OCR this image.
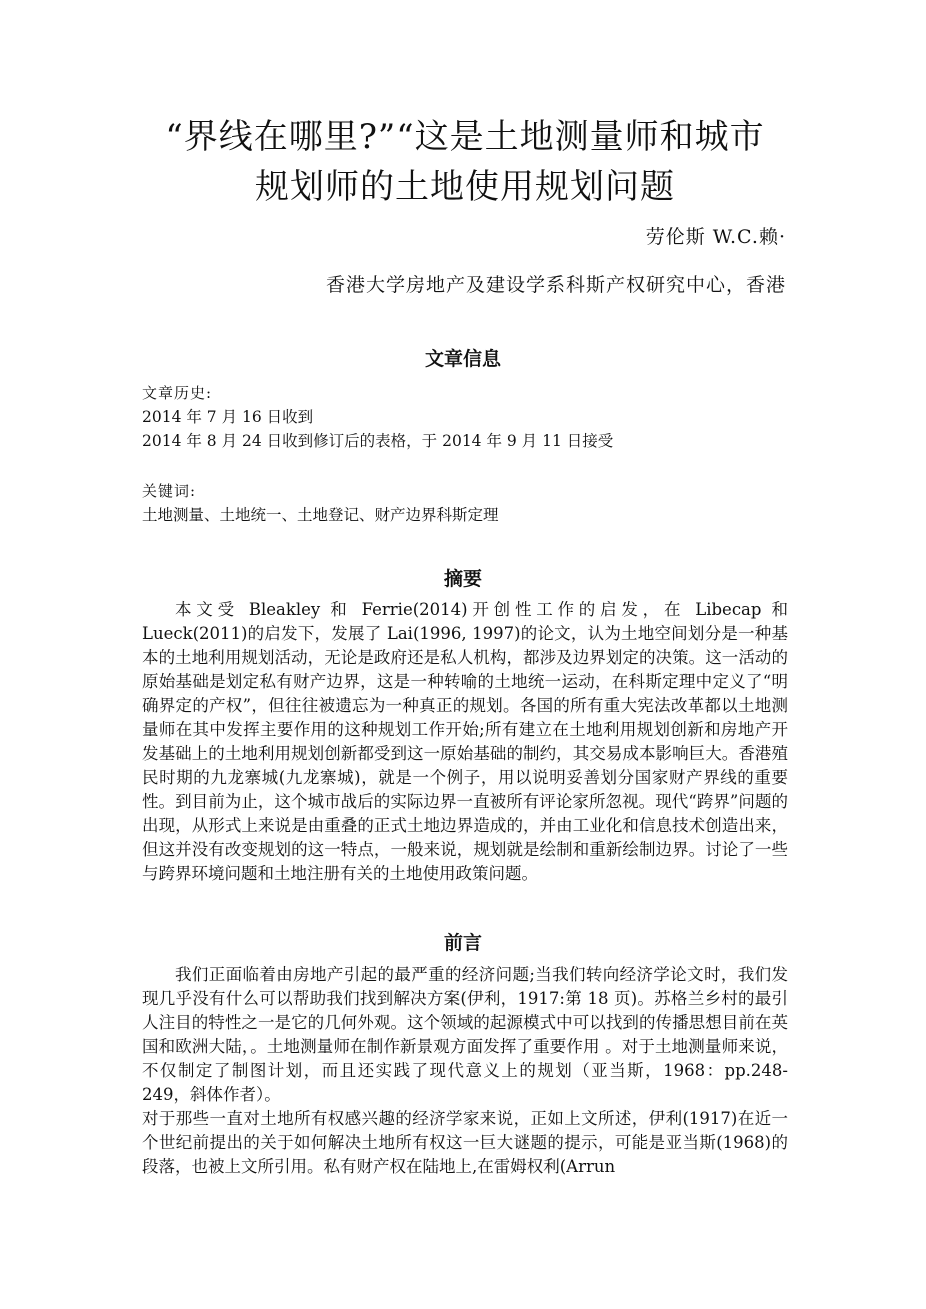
“界线在哪里?”“这是土地测量师和城市
规划师的土地使用规划问题
劳伦斯 W.C.赖·
香港大学房地产及建设学系科斯产权研究中心，香港
文章信息
文章历史:
2014 年 7 月 16 日收到
2014 年 8 月 24 日收到修订后的表格，于 2014 年 9 月 11 日接受
关键词:
土地测量、土地统一、土地登记、财产边界科斯定理
摘要

本文受 Bleakley 和 Ferrie(2014)开创性工作的启发，在 Libecap 和 Lueck(2011)的启发下，发展了 Lai(1996, 1997)的论文，认为土地空间划分是一种基本的土地利用规划活动，无论是政府还是私人机构，都涉及边界划定的决策。这一活动的原始基础是划定私有财产边界，这是一种转喻的土地统一运动，在科斯定理中定义了“明确界定的产权”，但往往被遗忘为一种真正的规划。各国的所有重大宪法改革都以土地测量师在其中发挥主要作用的这种规划工作开始;所有建立在土地利用规划创新和房地产开发基础上的土地利用规划创新都受到这一原始基础的制约，其交易成本影响巨大。香港殖民时期的九龙寨城(九龙寨城)，就是一个例子，用以说明妥善划分国家财产界线的重要性。到目前为止，这个城市战后的实际边界一直被所有评论家所忽视。现代“跨界”问题的出现，从形式上来说是由重叠的正式土地边界造成的，并由工业化和信息技术创造出来，但这并没有改变规划的这一特点，一般来说，规划就是绘制和重新绘制边界。讨论了一些与跨界环境问题和土地注册有关的土地使用政策问题。

前言

我们正面临着由房地产引起的最严重的经济问题;当我们转向经济学论文时，我们发现几乎没有什么可以帮助我们找到解决方案(伊利，1917:第 18 页)。苏格兰乡村的最引人注目的特性之一是它的几何外观。这个领域的起源模式中可以找到的传播思想目前在英国和欧洲大陆，。土地测量师在制作新景观方面发挥了重要作用 。对于土地测量师来说，不仅制定了制图计划，而且还实践了现代意义上的规划（亚当斯，1968：pp.248-249，斜体作者）。

对于那些一直对土地所有权感兴趣的经济学家来说，正如上文所述，伊利(1917)在近一个世纪前提出的关于如何解决土地所有权这一巨大谜题的提示，可能是亚当斯(1968)的段落，也被上文所引用。私有财产权在陆地上,在雷姆权利(Arrun
